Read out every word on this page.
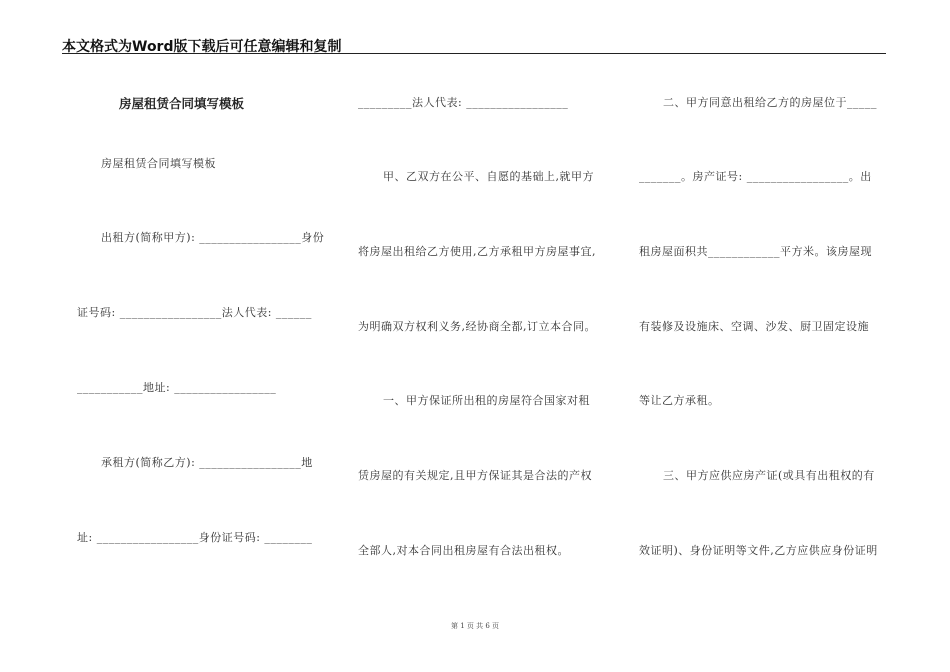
本文格式为Word版下载后可任意编辑和复制
房屋租赁合同填写模板
房屋租赁合同填写模板
出租方(简称甲方): _________________身份
证号码: _________________法人代表: ______
___________地址: _________________
承租方(简称乙方): _________________地
址: _________________身份证号码: ________
_________法人代表: _________________
甲、乙双方在公平、自愿的基础上,就甲方
将房屋出租给乙方使用,乙方承租甲方房屋事宜,
为明确双方权利义务,经协商全都,订立本合同。
一、甲方保证所出租的房屋符合国家对租
赁房屋的有关规定,且甲方保证其是合法的产权
全部人,对本合同出租房屋有合法出租权。
二、甲方同意出租给乙方的房屋位于_____
_______。房产证号: _________________。出
租房屋面积共____________平方米。该房屋现
有装修及设施床、空调、沙发、厨卫固定设施
等让乙方承租。
三、甲方应供应房产证(或具有出租权的有
效证明)、身份证明等文件,乙方应供应身份证明
第 1 页 共 6 页
